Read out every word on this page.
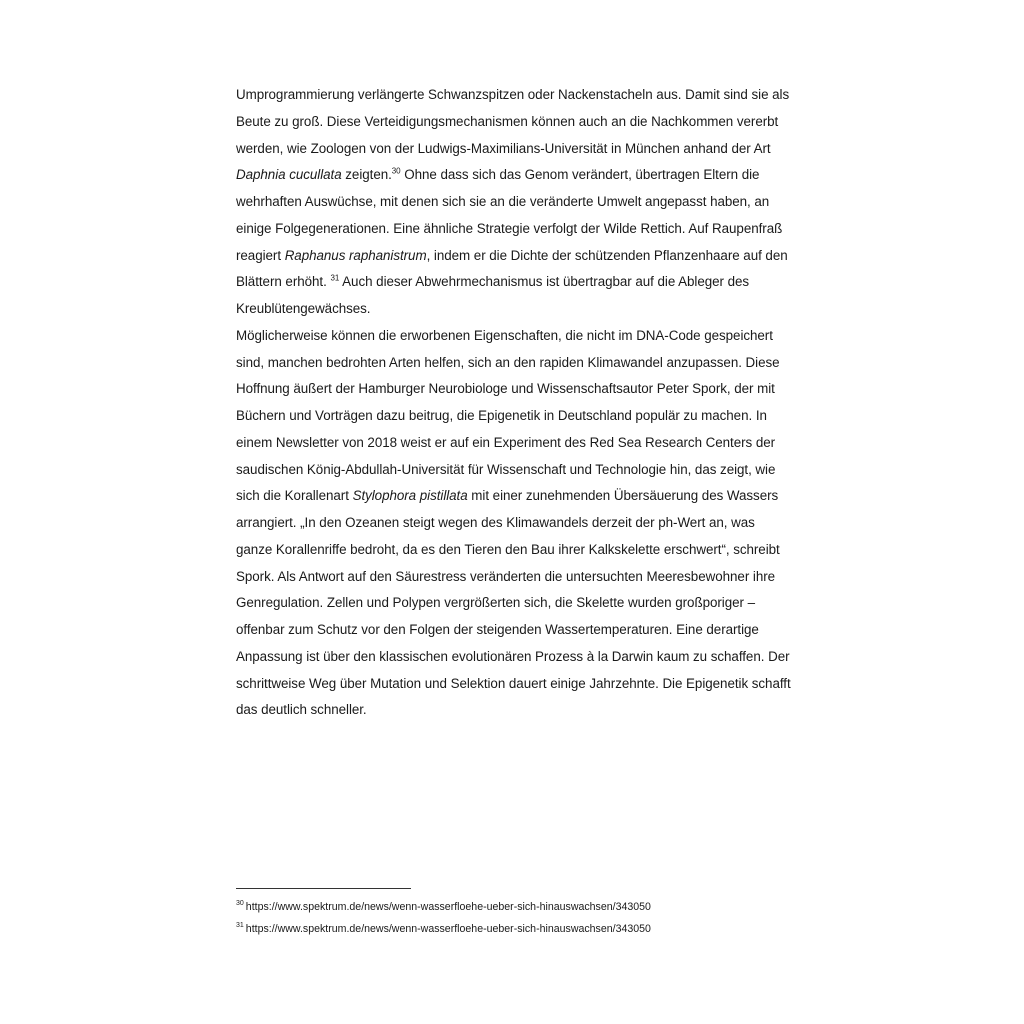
Umprogrammierung verlängerte Schwanzspitzen oder Nackenstacheln aus. Damit sind sie als Beute zu groß. Diese Verteidigungsmechanismen können auch an die Nachkommen vererbt werden, wie Zoologen von der Ludwigs-Maximilians-Universität in München anhand der Art Daphnia cucullata zeigten.$^{30}$ Ohne dass sich das Genom verändert, übertragen Eltern die wehrhaften Auswüchse, mit denen sich sie an die veränderte Umwelt angepasst haben, an einige Folgegenerationen. Eine ähnliche Strategie verfolgt der Wilde Rettich. Auf Raupenfraß reagiert Raphanus raphanistrum, indem er die Dichte der schützenden Pflanzenhaare auf den Blättern erhöht. $^{31}$ Auch dieser Abwehrmechanismus ist übertragbar auf die Ableger des Kreublütengewächses.

Möglicherweise können die erworbenen Eigenschaften, die nicht im DNA-Code gespeichert sind, manchen bedrohten Arten helfen, sich an den rapiden Klimawandel anzupassen. Diese Hoffnung äußert der Hamburger Neurobiologe und Wissenschaftsautor Peter Spork, der mit Büchern und Vorträgen dazu beitrug, die Epigenetik in Deutschland populär zu machen. In einem Newsletter von 2018 weist er auf ein Experiment des Red Sea Research Centers der saudischen König-Abdullah-Universität für Wissenschaft und Technologie hin, das zeigt, wie sich die Korallenart Stylophora pistillata mit einer zunehmenden Übersäuerung des Wassers arrangiert. „In den Ozeanen steigt wegen des Klimawandels derzeit der ph-Wert an, was ganze Korallenriffe bedroht, da es den Tieren den Bau ihrer Kalkskelette erschwert“, schreibt Spork. Als Antwort auf den Säurestress veränderten die untersuchten Meeresbewohner ihre Genregulation. Zellen und Polypen vergrößerten sich, die Skelette wurden großporiger – offenbar zum Schutz vor den Folgen der steigenden Wassertemperaturen. Eine derartige Anpassung ist über den klassischen evolutionären Prozess à la Darwin kaum zu schaffen. Der schrittweise Weg über Mutation und Selektion dauert einige Jahrzehnte. Die Epigenetik schafft das deutlich schneller.

$^{30}$ https://www.spektrum.de/news/wenn-wasserfloehe-ueber-sich-hinauswachsen/343050
$^{31}$ https://www.spektrum.de/news/wenn-wasserfloehe-ueber-sich-hinauswachsen/343050
